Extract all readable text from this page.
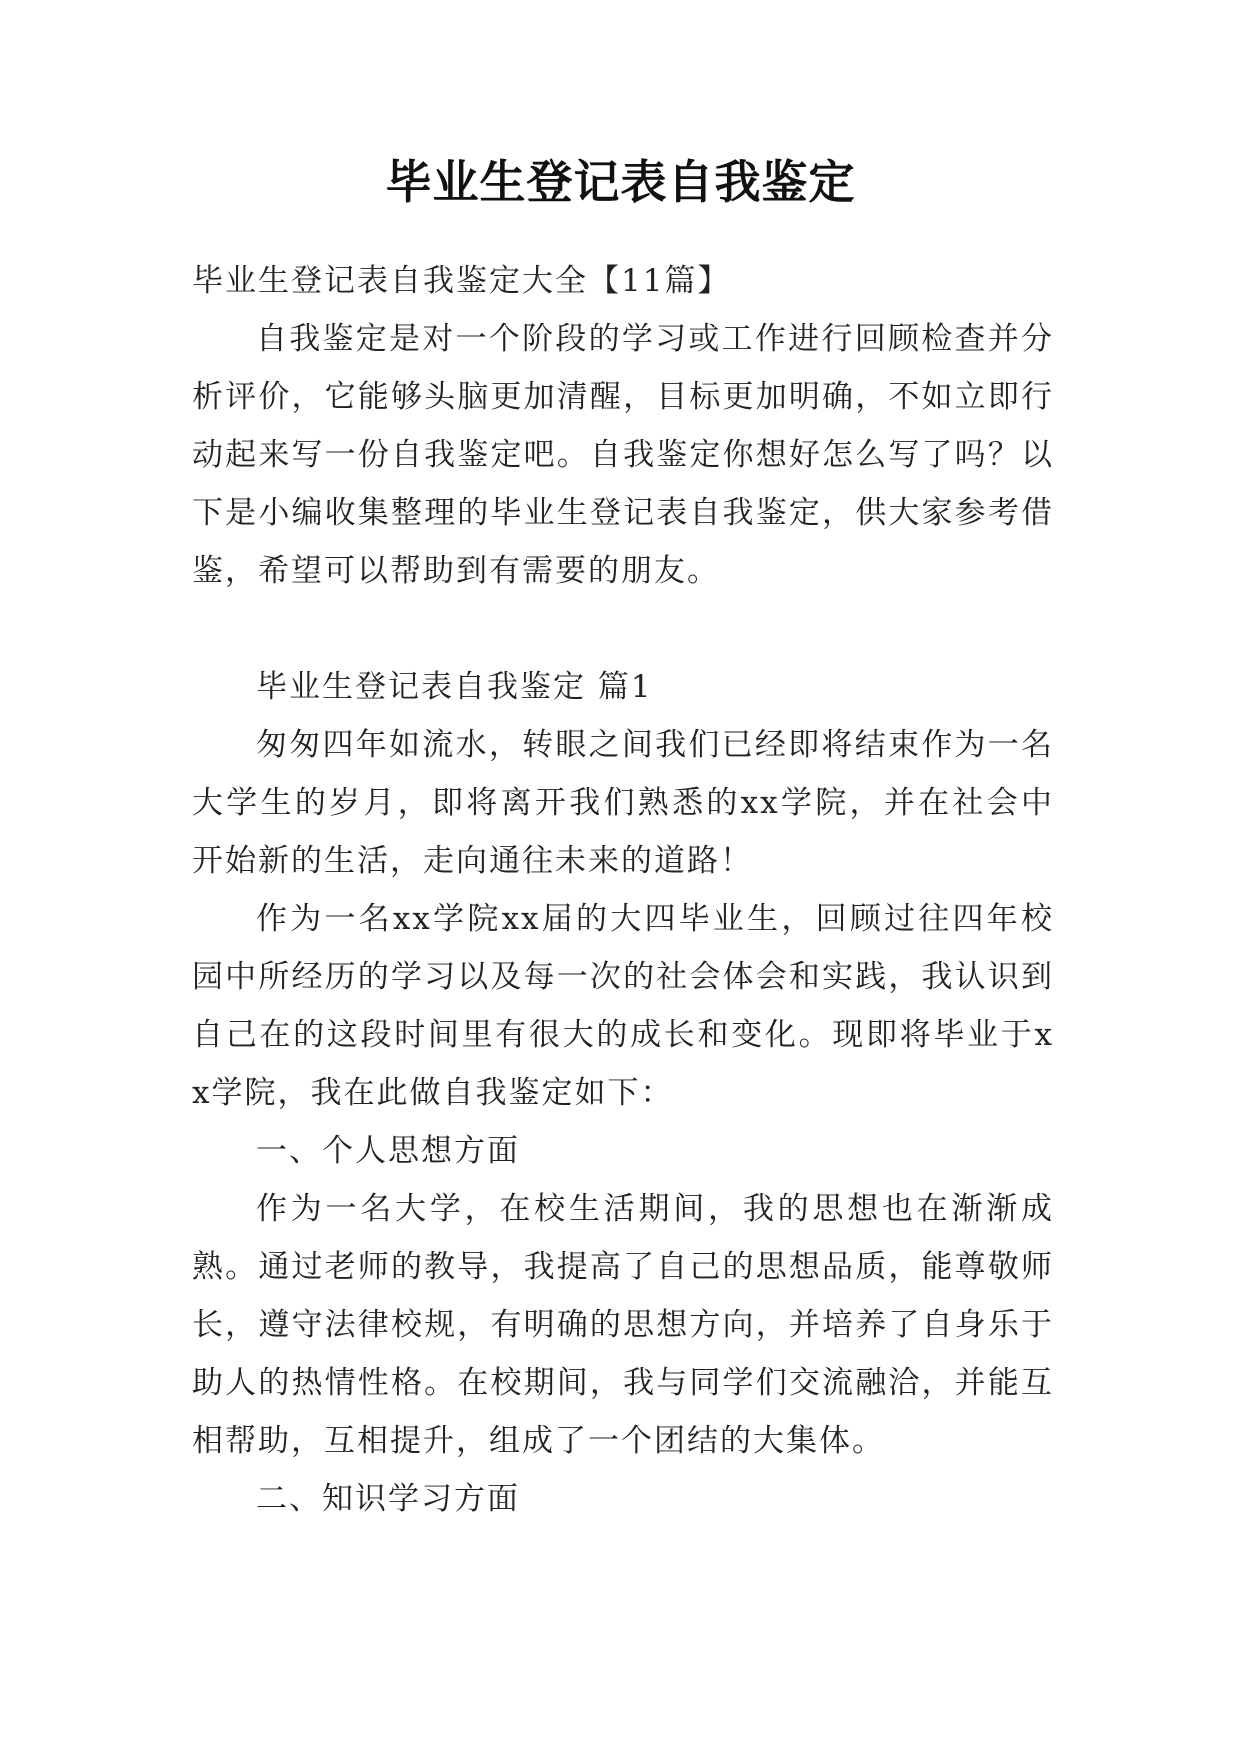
毕业生登记表自我鉴定

毕业生登记表自我鉴定大全【11篇】

自我鉴定是对一个阶段的学习或工作进行回顾检查并分析评价，它能够头脑更加清醒，目标更加明确，不如立即行动起来写一份自我鉴定吧。自我鉴定你想好怎么写了吗？以下是小编收集整理的毕业生登记表自我鉴定，供大家参考借鉴，希望可以帮助到有需要的朋友。

毕业生登记表自我鉴定 篇1

匆匆四年如流水，转眼之间我们已经即将结束作为一名大学生的岁月，即将离开我们熟悉的xx学院，并在社会中开始新的生活，走向通往未来的道路！

作为一名xx学院xx届的大四毕业生，回顾过往四年校园中所经历的学习以及每一次的社会体会和实践，我认识到自己在的这段时间里有很大的成长和变化。现即将毕业于xx学院，我在此做自我鉴定如下：

一、个人思想方面

作为一名大学，在校生活期间，我的思想也在渐渐成熟。通过老师的教导，我提高了自己的思想品质，能尊敬师长，遵守法律校规，有明确的思想方向，并培养了自身乐于助人的热情性格。在校期间，我与同学们交流融洽，并能互相帮助，互相提升，组成了一个团结的大集体。

二、知识学习方面
